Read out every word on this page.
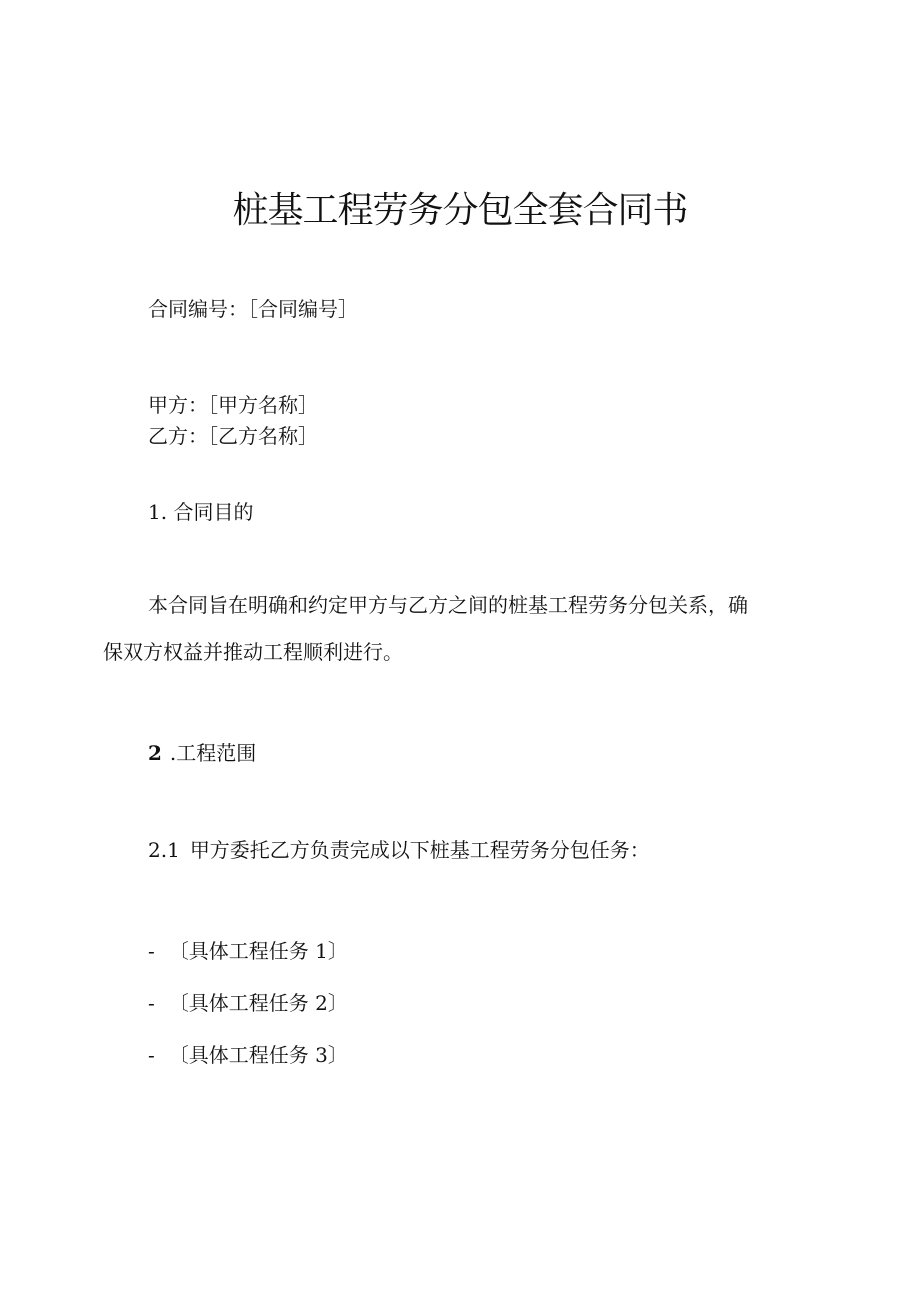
桩基工程劳务分包全套合同书
合同编号：［合同编号］
甲方：［甲方名称］
乙方：［乙方名称］
1. 合同目的
本合同旨在明确和约定甲方与乙方之间的桩基工程劳务分包关系，确
保双方权益并推动工程顺利进行。
2 .工程范围
2.1 甲方委托乙方负责完成以下桩基工程劳务分包任务：
- 〔具体工程任务 1〕
- 〔具体工程任务 2〕
- 〔具体工程任务 3〕
